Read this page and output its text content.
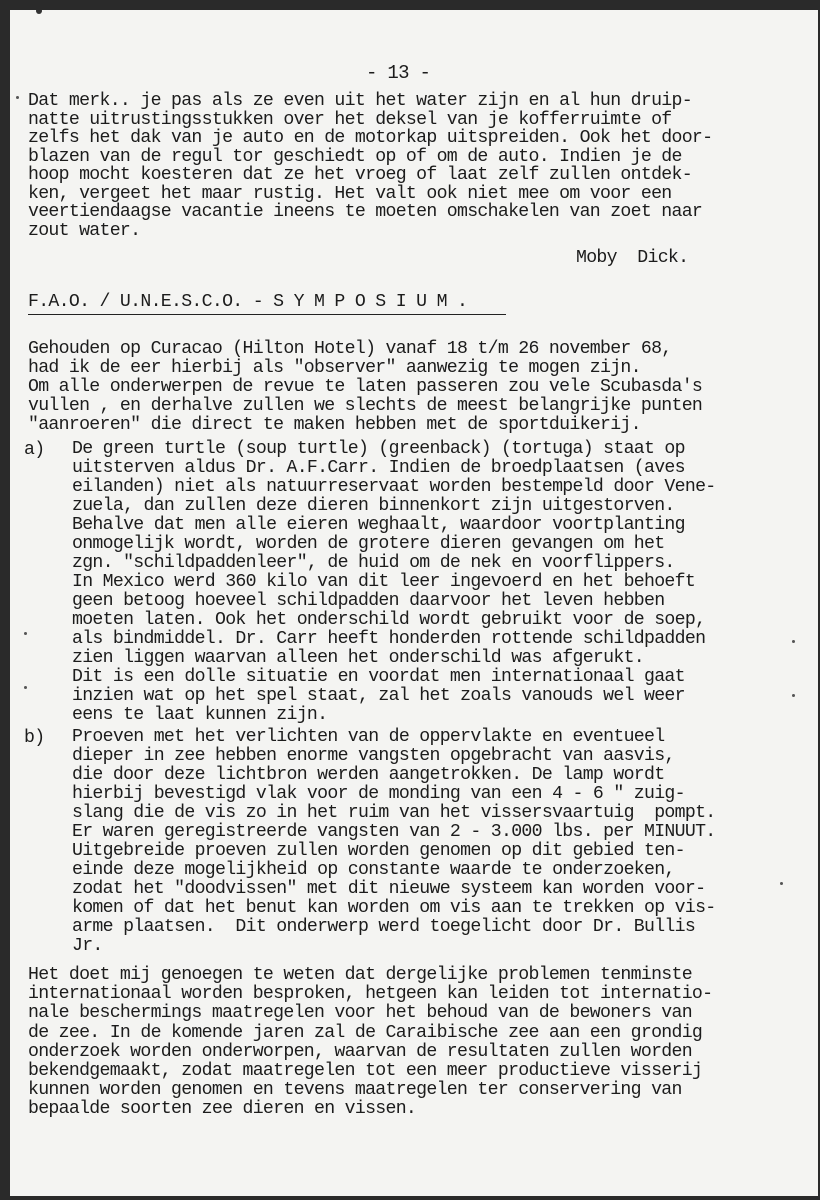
- 13 -
Dat merk.. je pas als ze even uit het water zijn en al hun druip-
natte uitrustingsstukken over het deksel van je kofferruimte of
zelfs het dak van je auto en de motorkap uitspreiden. Ook het door-
blazen van de regul tor geschiedt op of om de auto. Indien je de
hoop mocht koesteren dat ze het vroeg of laat zelf zullen ontdek-
ken, vergeet het maar rustig. Het valt ook niet mee om voor een
veertiendaagse vacantie ineens te moeten omschakelen van zoet naar
zout water.
Moby  Dick.
F.A.O. / U.N.E.S.C.O. - S Y M P O S I U M .
Gehouden op Curacao (Hilton Hotel) vanaf 18 t/m 26 november 68,
had ik de eer hierbij als "observer" aanwezig te mogen zijn.
Om alle onderwerpen de revue te laten passeren zou vele Scubasda's
vullen , en derhalve zullen we slechts de meest belangrijke punten
"aanroeren" die direct te maken hebben met de sportduikerij.
a) De green turtle (soup turtle) (greenback) (tortuga) staat op
uitsterven aldus Dr. A.F.Carr. Indien de broedplaatsen (aves
eilanden) niet als natuurreservaat worden bestempeld door Vene-
zuela, dan zullen deze dieren binnenkort zijn uitgestorven.
Behalve dat men alle eieren weghaalt, waardoor voortplanting
onmogelijk wordt, worden de grotere dieren gevangen om het
zgn. "schildpaddenleer", de huid om de nek en voorflippers.
In Mexico werd 360 kilo van dit leer ingevoerd en het behoeft
geen betoog hoeveel schildpadden daarvoor het leven hebben
moeten laten. Ook het onderschild wordt gebruikt voor de soep,
als bindmiddel. Dr. Carr heeft honderden rottende schildpadden
zien liggen waarvan alleen het onderschild was afgerukt.
Dit is een dolle situatie en voordat men internationaal gaat
inzien wat op het spel staat, zal het zoals vanouds wel weer
eens te laat kunnen zijn.
b) Proeven met het verlichten van de oppervlakte en eventueel
dieper in zee hebben enorme vangsten opgebracht van aasvis,
die door deze lichtbron werden aangetrokken. De lamp wordt
hierbij bevestigd vlak voor de monding van een 4 - 6 " zuig-
slang die de vis zo in het ruim van het vissersvaartuig  pompt.
Er waren geregistreerde vangsten van 2 - 3.000 lbs. per MINUUT.
Uitgebreide proeven zullen worden genomen op dit gebied ten-
einde deze mogelijkheid op constante waarde te onderzoeken,
zodat het "doodvissen" met dit nieuwe systeem kan worden voor-
komen of dat het benut kan worden om vis aan te trekken op vis-
arme plaatsen.  Dit onderwerp werd toegelicht door Dr. Bullis
Jr.
Het doet mij genoegen te weten dat dergelijke problemen tenminste
internationaal worden besproken, hetgeen kan leiden tot internatio-
nale beschermings maatregelen voor het behoud van de bewoners van
de zee. In de komende jaren zal de Caraibische zee aan een grondig
onderzoek worden onderworpen, waarvan de resultaten zullen worden
bekendgemaakt, zodat maatregelen tot een meer productieve visserij
kunnen worden genomen en tevens maatregelen ter conservering van
bepaalde soorten zee dieren en vissen.
